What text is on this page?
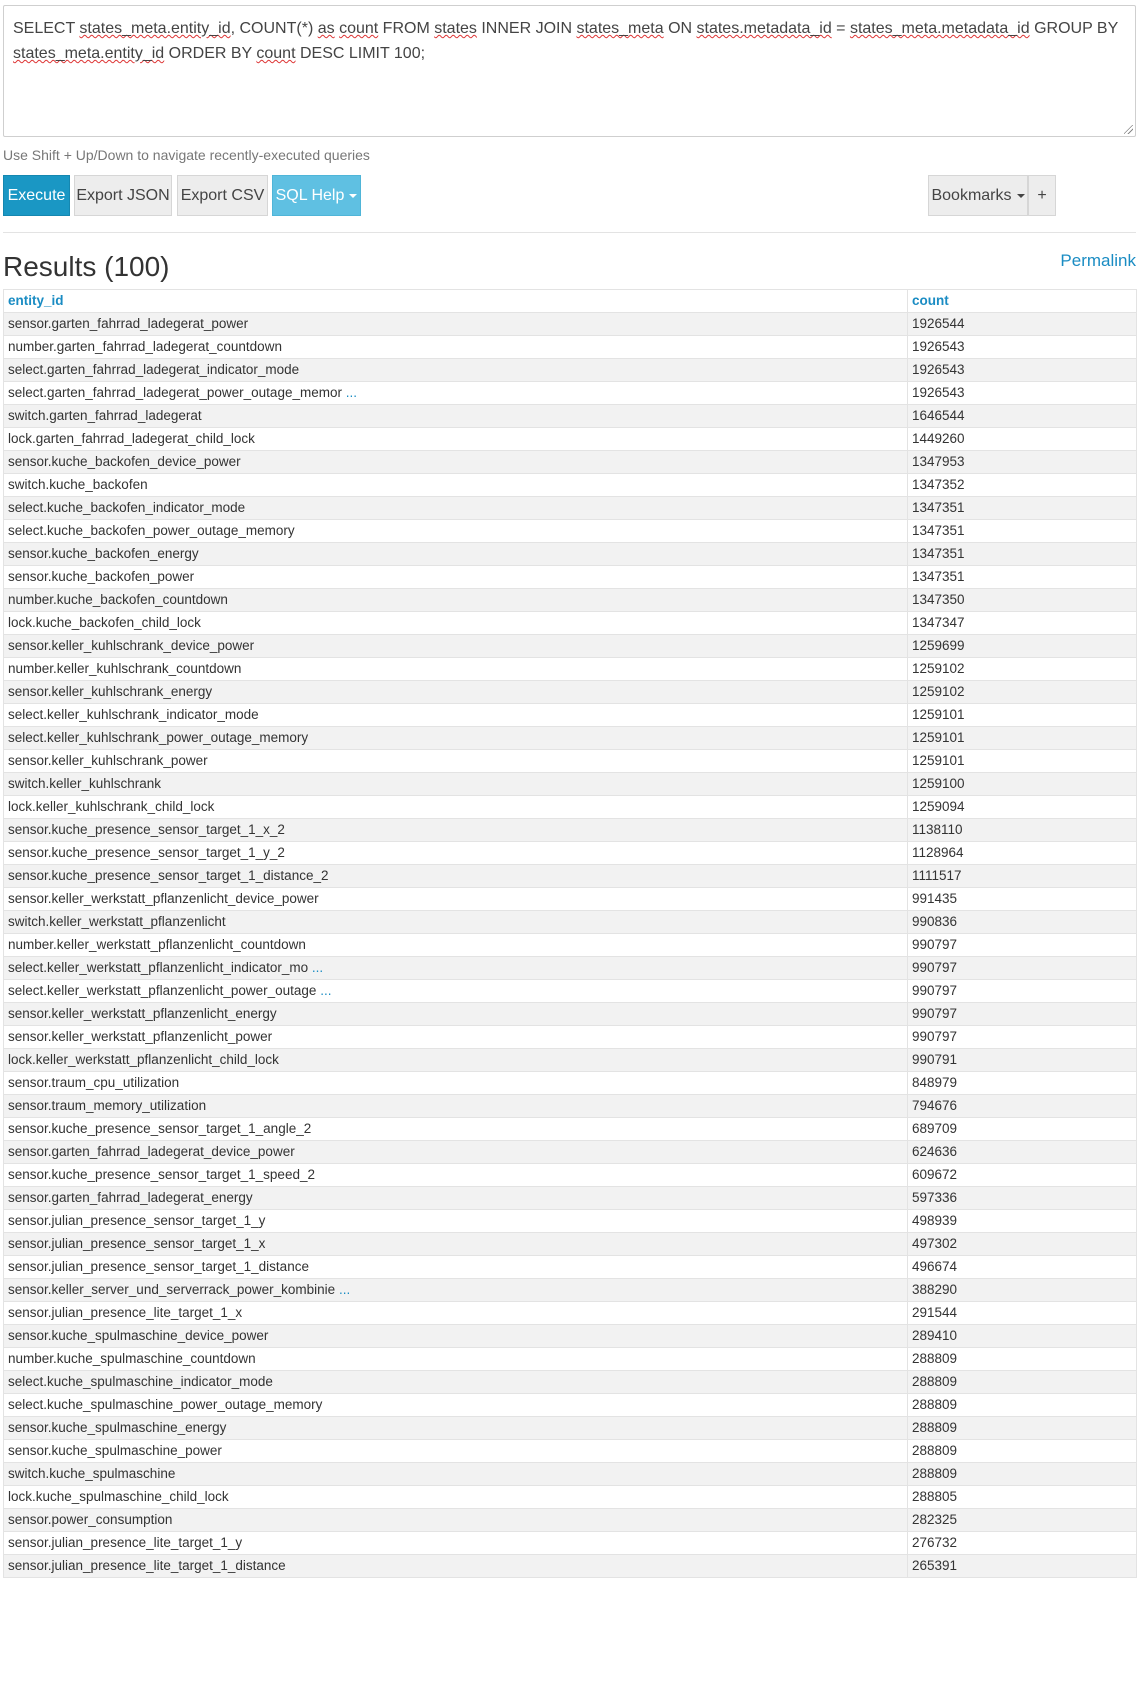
SELECT states_meta.entity_id, COUNT(*) as count FROM states INNER JOIN states_meta ON states.metadata_id = states_meta.metadata_id GROUP BY states_meta.entity_id ORDER BY count DESC LIMIT 100;
Use Shift + Up/Down to navigate recently-executed queries
Execute Export JSON Export CSV SQL Help	Bookmarks +
Results (100)	Permalink
entity_id	count
sensor.garten_fahrrad_ladegerat_power	1926544
number.garten_fahrrad_ladegerat_countdown	1926543
select.garten_fahrrad_ladegerat_indicator_mode	1926543
select.garten_fahrrad_ladegerat_power_outage_memor ...	1926543
switch.garten_fahrrad_ladegerat	1646544
lock.garten_fahrrad_ladegerat_child_lock	1449260
sensor.kuche_backofen_device_power	1347953
switch.kuche_backofen	1347352
select.kuche_backofen_indicator_mode	1347351
select.kuche_backofen_power_outage_memory	1347351
sensor.kuche_backofen_energy	1347351
sensor.kuche_backofen_power	1347351
number.kuche_backofen_countdown	1347350
lock.kuche_backofen_child_lock	1347347
sensor.keller_kuhlschrank_device_power	1259699
number.keller_kuhlschrank_countdown	1259102
sensor.keller_kuhlschrank_energy	1259102
select.keller_kuhlschrank_indicator_mode	1259101
select.keller_kuhlschrank_power_outage_memory	1259101
sensor.keller_kuhlschrank_power	1259101
switch.keller_kuhlschrank	1259100
lock.keller_kuhlschrank_child_lock	1259094
sensor.kuche_presence_sensor_target_1_x_2	1138110
sensor.kuche_presence_sensor_target_1_y_2	1128964
sensor.kuche_presence_sensor_target_1_distance_2	1111517
sensor.keller_werkstatt_pflanzenlicht_device_power	991435
switch.keller_werkstatt_pflanzenlicht	990836
number.keller_werkstatt_pflanzenlicht_countdown	990797
select.keller_werkstatt_pflanzenlicht_indicator_mo ...	990797
select.keller_werkstatt_pflanzenlicht_power_outage ...	990797
sensor.keller_werkstatt_pflanzenlicht_energy	990797
sensor.keller_werkstatt_pflanzenlicht_power	990797
lock.keller_werkstatt_pflanzenlicht_child_lock	990791
sensor.traum_cpu_utilization	848979
sensor.traum_memory_utilization	794676
sensor.kuche_presence_sensor_target_1_angle_2	689709
sensor.garten_fahrrad_ladegerat_device_power	624636
sensor.kuche_presence_sensor_target_1_speed_2	609672
sensor.garten_fahrrad_ladegerat_energy	597336
sensor.julian_presence_sensor_target_1_y	498939
sensor.julian_presence_sensor_target_1_x	497302
sensor.julian_presence_sensor_target_1_distance	496674
sensor.keller_server_und_serverrack_power_kombinie ...	388290
sensor.julian_presence_lite_target_1_x	291544
sensor.kuche_spulmaschine_device_power	289410
number.kuche_spulmaschine_countdown	288809
select.kuche_spulmaschine_indicator_mode	288809
select.kuche_spulmaschine_power_outage_memory	288809
sensor.kuche_spulmaschine_energy	288809
sensor.kuche_spulmaschine_power	288809
switch.kuche_spulmaschine	288809
lock.kuche_spulmaschine_child_lock	288805
sensor.power_consumption	282325
sensor.julian_presence_lite_target_1_y	276732
sensor.julian_presence_lite_target_1_distance	265391
